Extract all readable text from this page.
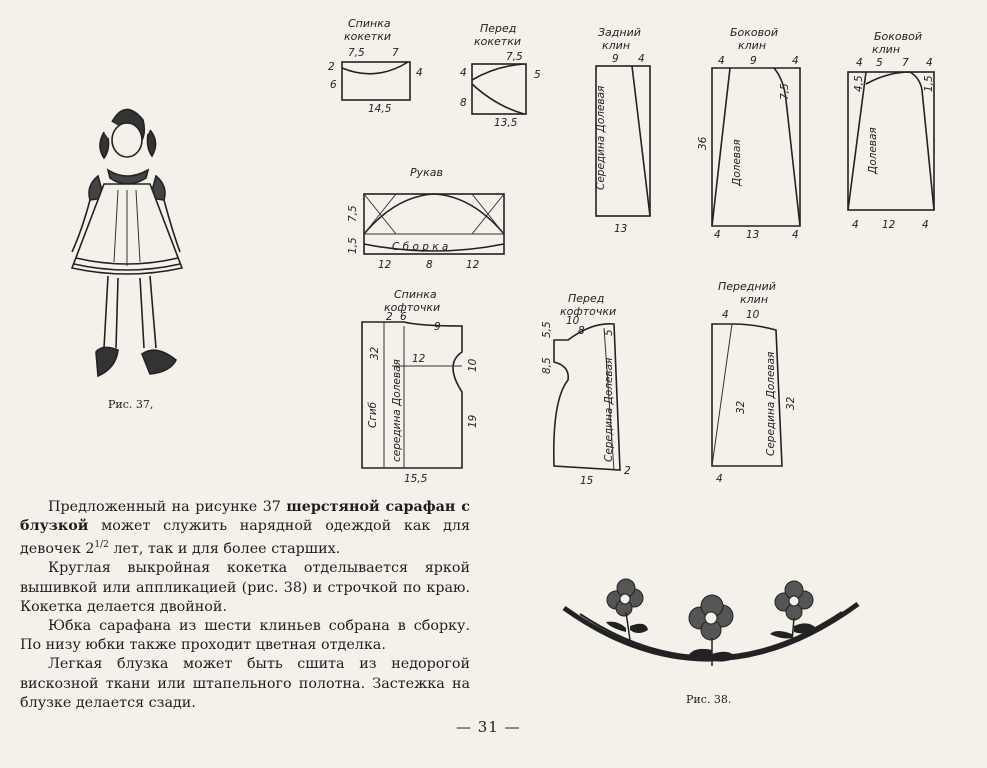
Рис. 37,
Спинка
кокетки
7,5	7
2
6
4
14,5
Перед
кокетки
7,5
4
8
5
13,5
Задний
клин
9 4
Середина Долевая
13
Боковой
клин
4 9	4
36
7,5
Долевая
4 13	4
Боковой
клин
4 5 7 4
4,5	1,5
Долевая
4 12	4
Рукав
7,5
1,5	С б о р к а
12	8	12
Спинка
кофточки
2 6
9
32	12
Сгиб середина Долевая	10
19
15,5
Перед
кофточки
10
8 5
5,5
8,5	Середина Долевая
2
15
Передний
клин
4 10
32 Середина Долевая 32
4
Рис. 38.

Предложенный на рисунке 37 шерстяной сарафан с блузкой может служить нарядной одеждой как для девочек $2^{1/2}$ лет, так и для более старших.

Круглая выкройная кокетка отделывается яркой вышивкой или аппликацией (рис. 38) и строчкой по краю. Кокетка делается двойной.

Юбка сарафана из шести клиньев собрана в сборку. По низу юбки также проходит цветная отделка.

Легкая блузка может быть сшита из недорогой вискозной ткани или штапельного полотна. Застежка на блузке делается сзади.

— 31 —
